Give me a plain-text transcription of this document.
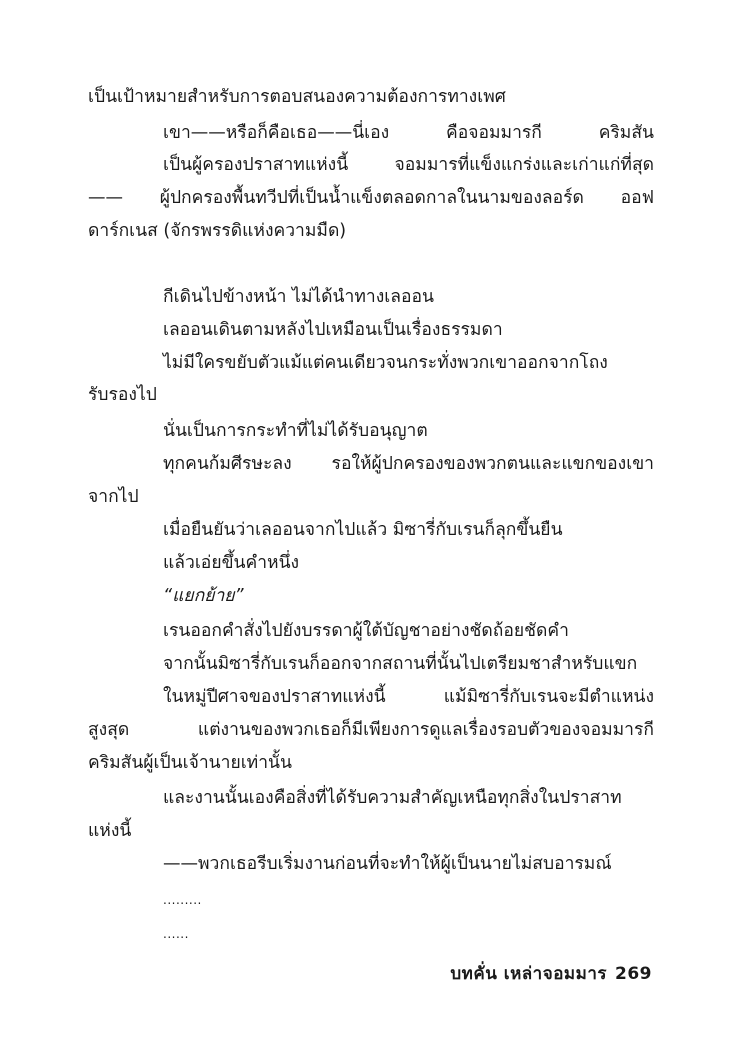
เป็นเป้าหมายสำหรับการตอบสนองความต้องการทางเพศ
เขา——หรือก็คือเธอ——นี่เอง คือจอมมารกี คริมสัน
เป็นผู้ครองปราสาทแห่งนี้ จอมมารที่แข็งแกร่งและเก่าแก่ที่สุด
—— ผู้ปกครองพื้นทวีปที่เป็นน้ำแข็งตลอดกาลในนามของลอร์ด ออฟ
ดาร์กเนส (จักรพรรดิแห่งความมืด)
กีเดินไปข้างหน้า ไม่ได้นำทางเลออน
เลออนเดินตามหลังไปเหมือนเป็นเรื่องธรรมดา
ไม่มีใครขยับตัวแม้แต่คนเดียวจนกระทั่งพวกเขาออกจากโถง
รับรองไป
นั่นเป็นการกระทำที่ไม่ได้รับอนุญาต
ทุกคนก้มศีรษะลง รอให้ผู้ปกครองของพวกตนและแขกของเขา
จากไป
เมื่อยืนยันว่าเลออนจากไปแล้ว มิซารี่กับเรนก็ลุกขึ้นยืน
แล้วเอ่ยขึ้นคำหนึ่ง
“แยกย้าย”
เรนออกคำสั่งไปยังบรรดาผู้ใต้บัญชาอย่างชัดถ้อยชัดคำ
จากนั้นมิซารี่กับเรนก็ออกจากสถานที่นั้นไปเตรียมชาสำหรับแขก
ในหมู่ปีศาจของปราสาทแห่งนี้ แม้มิซารี่กับเรนจะมีตำแหน่ง
สูงสุด แต่งานของพวกเธอก็มีเพียงการดูแลเรื่องรอบตัวของจอมมารกี
คริมสันผู้เป็นเจ้านายเท่านั้น
และงานนั้นเองคือสิ่งที่ได้รับความสำคัญเหนือทุกสิ่งในปราสาท
แห่งนี้
——พวกเธอรีบเริ่มงานก่อนที่จะทำให้ผู้เป็นนายไม่สบอารมณ์
.........
......
บทคั่น เหล่าจอมมาร 269
